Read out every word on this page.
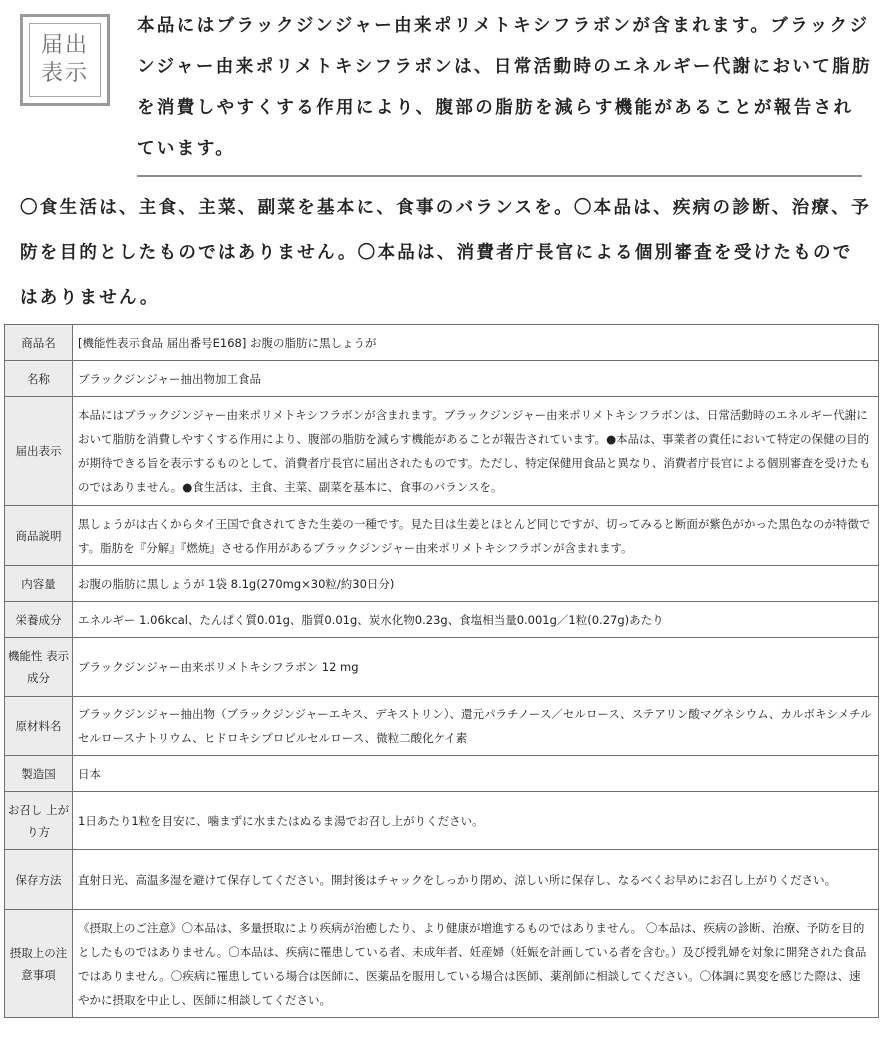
届出
表示

本品にはブラックジンジャー由来ポリメトキシフラボンが含まれます。ブラックジンジャー由来ポリメトキシフラボンは、日常活動時のエネルギー代謝において脂肪を消費しやすくする作用により、腹部の脂肪を減らす機能があることが報告されています。

〇食生活は、主食、主菜、副菜を基本に、食事のバランスを。〇本品は、疾病の診断、治療、予防を目的としたものではありません。〇本品は、消費者庁長官による個別審査を受けたものではありません。

商品名	[機能性表示食品 届出番号E168] お腹の脂肪に黒しょうが
名称	ブラックジンジャー抽出物加工食品
届出表示	本品にはブラックジンジャー由来ポリメトキシフラボンが含まれます。ブラックジンジャー由来ポリメトキシフラボンは、日常活動時のエネルギー代謝において脂肪を消費しやすくする作用により、腹部の脂肪を減らす機能があることが報告されています。●本品は、事業者の責任において特定の保健の目的が期待できる旨を表示するものとして、消費者庁長官に届出されたものです。ただし、特定保健用食品と異なり、消費者庁長官による個別審査を受けたものではありません。●食生活は、主食、主菜、副菜を基本に、食事のバランスを。
商品説明	黒しょうがは古くからタイ王国で食されてきた生姜の一種です。見た目は生姜とほとんど同じですが、切ってみると断面が紫色がかった黒色なのが特徴です。脂肪を『分解』『燃焼』させる作用があるブラックジンジャー由来ポリメトキシフラボンが含まれます。
内容量	お腹の脂肪に黒しょうが 1袋 8.1g(270mg×30粒/約30日分)
栄養成分	エネルギー 1.06kcal、たんぱく質0.01g、脂質0.01g、炭水化物0.23g、食塩相当量0.001g／1粒(0.27g)あたり
機能性 表示成分	ブラックジンジャー由来ポリメトキシフラボン 12 mg
原材料名	ブラックジンジャー抽出物（ブラックジンジャーエキス、デキストリン）、還元パラチノース／セルロース、ステアリン酸マグネシウム、カルボキシメチルセルロースナトリウム、ヒドロキシプロピルセルロース、微粒二酸化ケイ素
製造国	日本
お召し 上がり方	1日あたり1粒を目安に、噛まずに水またはぬるま湯でお召し上がりください。
保存方法	直射日光、高温多湿を避けて保存してください。開封後はチャックをしっかり閉め、涼しい所に保存し、なるべくお早めにお召し上がりください。
摂取上の注意事項	《摂取上のご注意》〇本品は、多量摂取により疾病が治癒したり、より健康が増進するものではありません。 〇本品は、疾病の診断、治療、予防を目的としたものではありません。〇本品は、疾病に罹患している者、未成年者、妊産婦（妊娠を計画している者を含む。）及び授乳婦を対象に開発された食品ではありません。〇疾病に罹患している場合は医師に、医薬品を服用している場合は医師、薬剤師に相談してください。〇体調に異変を感じた際は、速やかに摂取を中止し、医師に相談してください。
